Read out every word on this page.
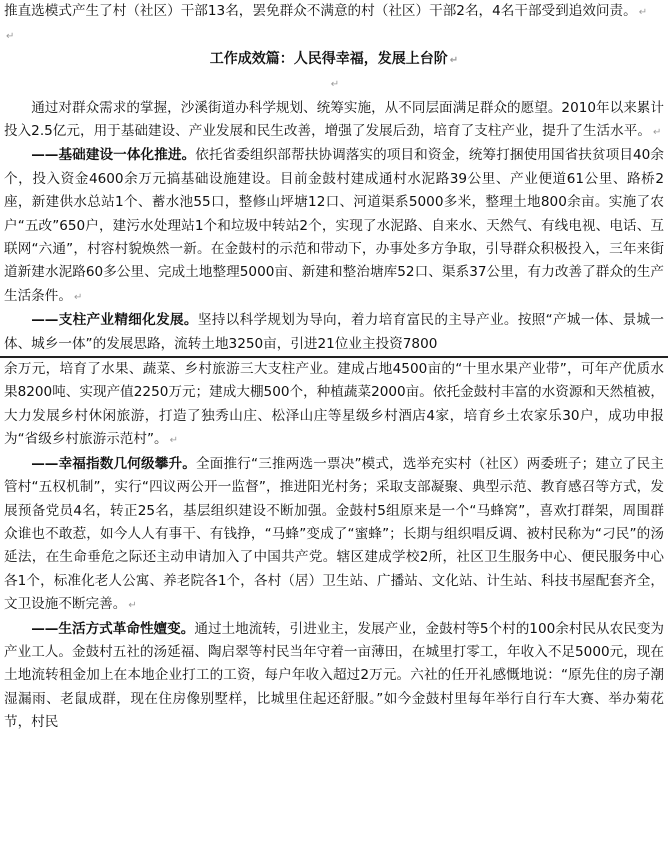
推直选模式产生了村（社区）干部13名，罢免群众不满意的村（社区）干部2名，4名干部受到追效问责。 ↵

↵

工作成效篇：人民得幸福，发展上台阶 ↵

↵

通过对群众需求的掌握，沙溪街道办科学规划、统筹实施，从不同层面满足群众的愿望。2010年以来累计投入2.5亿元，用于基础建设、产业发展和民生改善，增强了发展后劲，培育了支柱产业，提升了生活水平。 ↵

——基础建设一体化推进。依托省委组织部帮扶协调落实的项目和资金，统筹打捆使用国省扶贫项目40余个，投入资金4600余万元搞基础设施建设。目前金鼓村建成通村水泥路39公里、产业便道61公里、路桥2座，新建供水总站1个、蓄水池55口，整修山坪塘12口、河道渠系5000多米，整理土地800余亩。实施了农户“五改”650户，建污水处理站1个和垃圾中转站2个，实现了水泥路、自来水、天然气、有线电视、电话、互联网“六通”，村容村貌焕然一新。在金鼓村的示范和带动下，办事处多方争取，引导群众积极投入，三年来街道新建水泥路60多公里、完成土地整理5000亩、新建和整治塘库52口、渠系37公里，有力改善了群众的生产生活条件。 ↵

——支柱产业精细化发展。坚持以科学规划为导向，着力培育富民的主导产业。按照“产城一体、景城一体、城乡一体”的发展思路，流转土地3250亩，引进21位业主投资7800

余万元，培育了水果、蔬菜、乡村旅游三大支柱产业。建成占地4500亩的“十里水果产业带”，可年产优质水果8200吨、实现产值2250万元；建成大棚500个，种植蔬菜2000亩。依托金鼓村丰富的水资源和天然植被，大力发展乡村休闲旅游，打造了独秀山庄、松泽山庄等星级乡村酒店4家，培育乡土农家乐30户，成功申报为“省级乡村旅游示范村”。 ↵

——幸福指数几何级攀升。全面推行“三推两选一票决”模式，选举充实村（社区）两委班子；建立了民主管村“五权机制”，实行“四议两公开一监督”，推进阳光村务；采取支部凝聚、典型示范、教育感召等方式，发展预备党员4名，转正25名，基层组织建设不断加强。金鼓村5组原来是一个“马蜂窝”，喜欢打群架，周围群众谁也不敢惹，如今人人有事干、有钱挣，“马蜂”变成了“蜜蜂”；长期与组织唱反调、被村民称为“刁民”的汤延法，在生命垂危之际还主动申请加入了中国共产党。辖区建成学校2所，社区卫生服务中心、便民服务中心各1个，标准化老人公寓、养老院各1个，各村（居）卫生站、广播站、文化站、计生站、科技书屋配套齐全，文卫设施不断完善。 ↵

——生活方式革命性嬗变。通过土地流转，引进业主，发展产业，金鼓村等5个村的100余村民从农民变为产业工人。金鼓村五社的汤延福、陶启翠等村民当年守着一亩薄田，在城里打零工，年收入不足5000元，现在土地流转租金加上在本地企业打工的工资，每户年收入超过2万元。六社的任开礼感慨地说：“原先住的房子潮湿漏雨、老鼠成群，现在住房像别墅样，比城里住起还舒服。”如今金鼓村里每年举行自行车大赛、举办菊花节，村民
